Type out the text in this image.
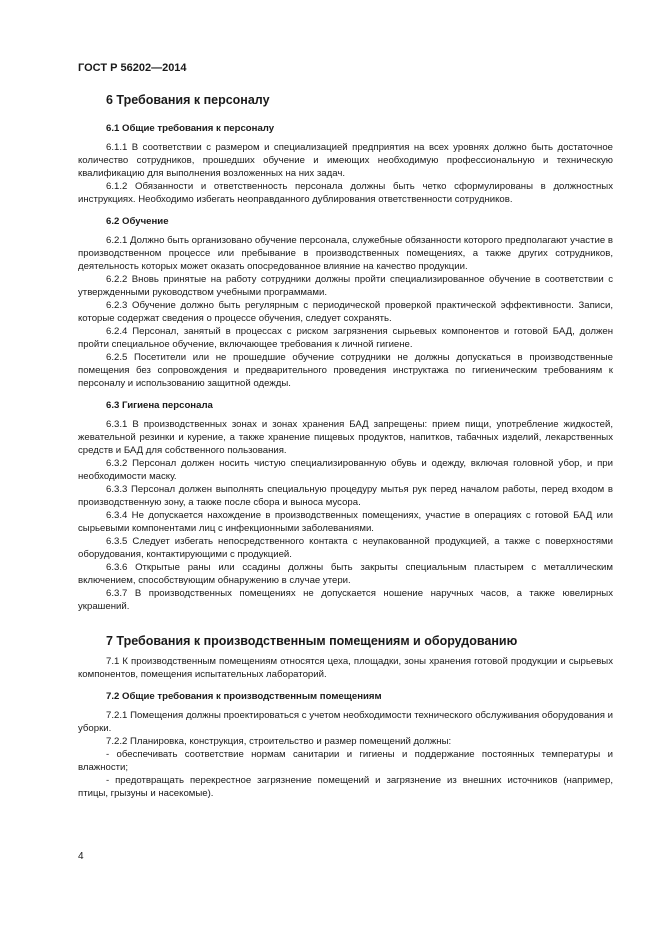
ГОСТ Р 56202—2014
6 Требования к персоналу
6.1 Общие требования к персоналу
6.1.1 В соответствии с размером и специализацией предприятия на всех уровнях должно быть достаточное количество сотрудников, прошедших обучение и имеющих необходимую профессиональную и техническую квалификацию для выполнения возложенных на них задач.
6.1.2 Обязанности и ответственность персонала должны быть четко сформулированы в должностных инструкциях. Необходимо избегать неоправданного дублирования ответственности сотрудников.
6.2 Обучение
6.2.1 Должно быть организовано обучение персонала, служебные обязанности которого предполагают участие в производственном процессе или пребывание в производственных помещениях, а также других сотрудников, деятельность которых может оказать опосредованное влияние на качество продукции.
6.2.2 Вновь принятые на работу сотрудники должны пройти специализированное обучение в соответствии с утвержденными руководством учебными программами.
6.2.3 Обучение должно быть регулярным с периодической проверкой практической эффективности. Записи, которые содержат сведения о процессе обучения, следует сохранять.
6.2.4 Персонал, занятый в процессах с риском загрязнения сырьевых компонентов и готовой БАД, должен пройти специальное обучение, включающее требования к личной гигиене.
6.2.5 Посетители или не прошедшие обучение сотрудники не должны допускаться в производственные помещения без сопровождения и предварительного проведения инструктажа по гигиеническим требованиям к персоналу и использованию защитной одежды.
6.3 Гигиена персонала
6.3.1 В производственных зонах и зонах хранения БАД запрещены: прием пищи, употребление жидкостей, жевательной резинки и курение, а также хранение пищевых продуктов, напитков, табачных изделий, лекарственных средств и БАД для собственного пользования.
6.3.2 Персонал должен носить чистую специализированную обувь и одежду, включая головной убор, и при необходимости маску.
6.3.3 Персонал должен выполнять специальную процедуру мытья рук перед началом работы, перед входом в производственную зону, а также после сбора и выноса мусора.
6.3.4 Не допускается нахождение в производственных помещениях, участие в операциях с готовой БАД или сырьевыми компонентами лиц с инфекционными заболеваниями.
6.3.5 Следует избегать непосредственного контакта с неупакованной продукцией, а также с поверхностями оборудования, контактирующими с продукцией.
6.3.6 Открытые раны или ссадины должны быть закрыты специальным пластырем с металлическим включением, способствующим обнаружению в случае утери.
6.3.7 В производственных помещениях не допускается ношение наручных часов, а также ювелирных украшений.
7 Требования к производственным помещениям и оборудованию
7.1 К производственным помещениям относятся цеха, площадки, зоны хранения готовой продукции и сырьевых компонентов, помещения испытательных лабораторий.
7.2 Общие требования к производственным помещениям
7.2.1 Помещения должны проектироваться с учетом необходимости технического обслуживания оборудования и уборки.
7.2.2 Планировка, конструкция, строительство и размер помещений должны:
- обеспечивать соответствие нормам санитарии и гигиены и поддержание постоянных температуры и влажности;
- предотвращать перекрестное загрязнение помещений и загрязнение из внешних источников (например, птицы, грызуны и насекомые).
4
